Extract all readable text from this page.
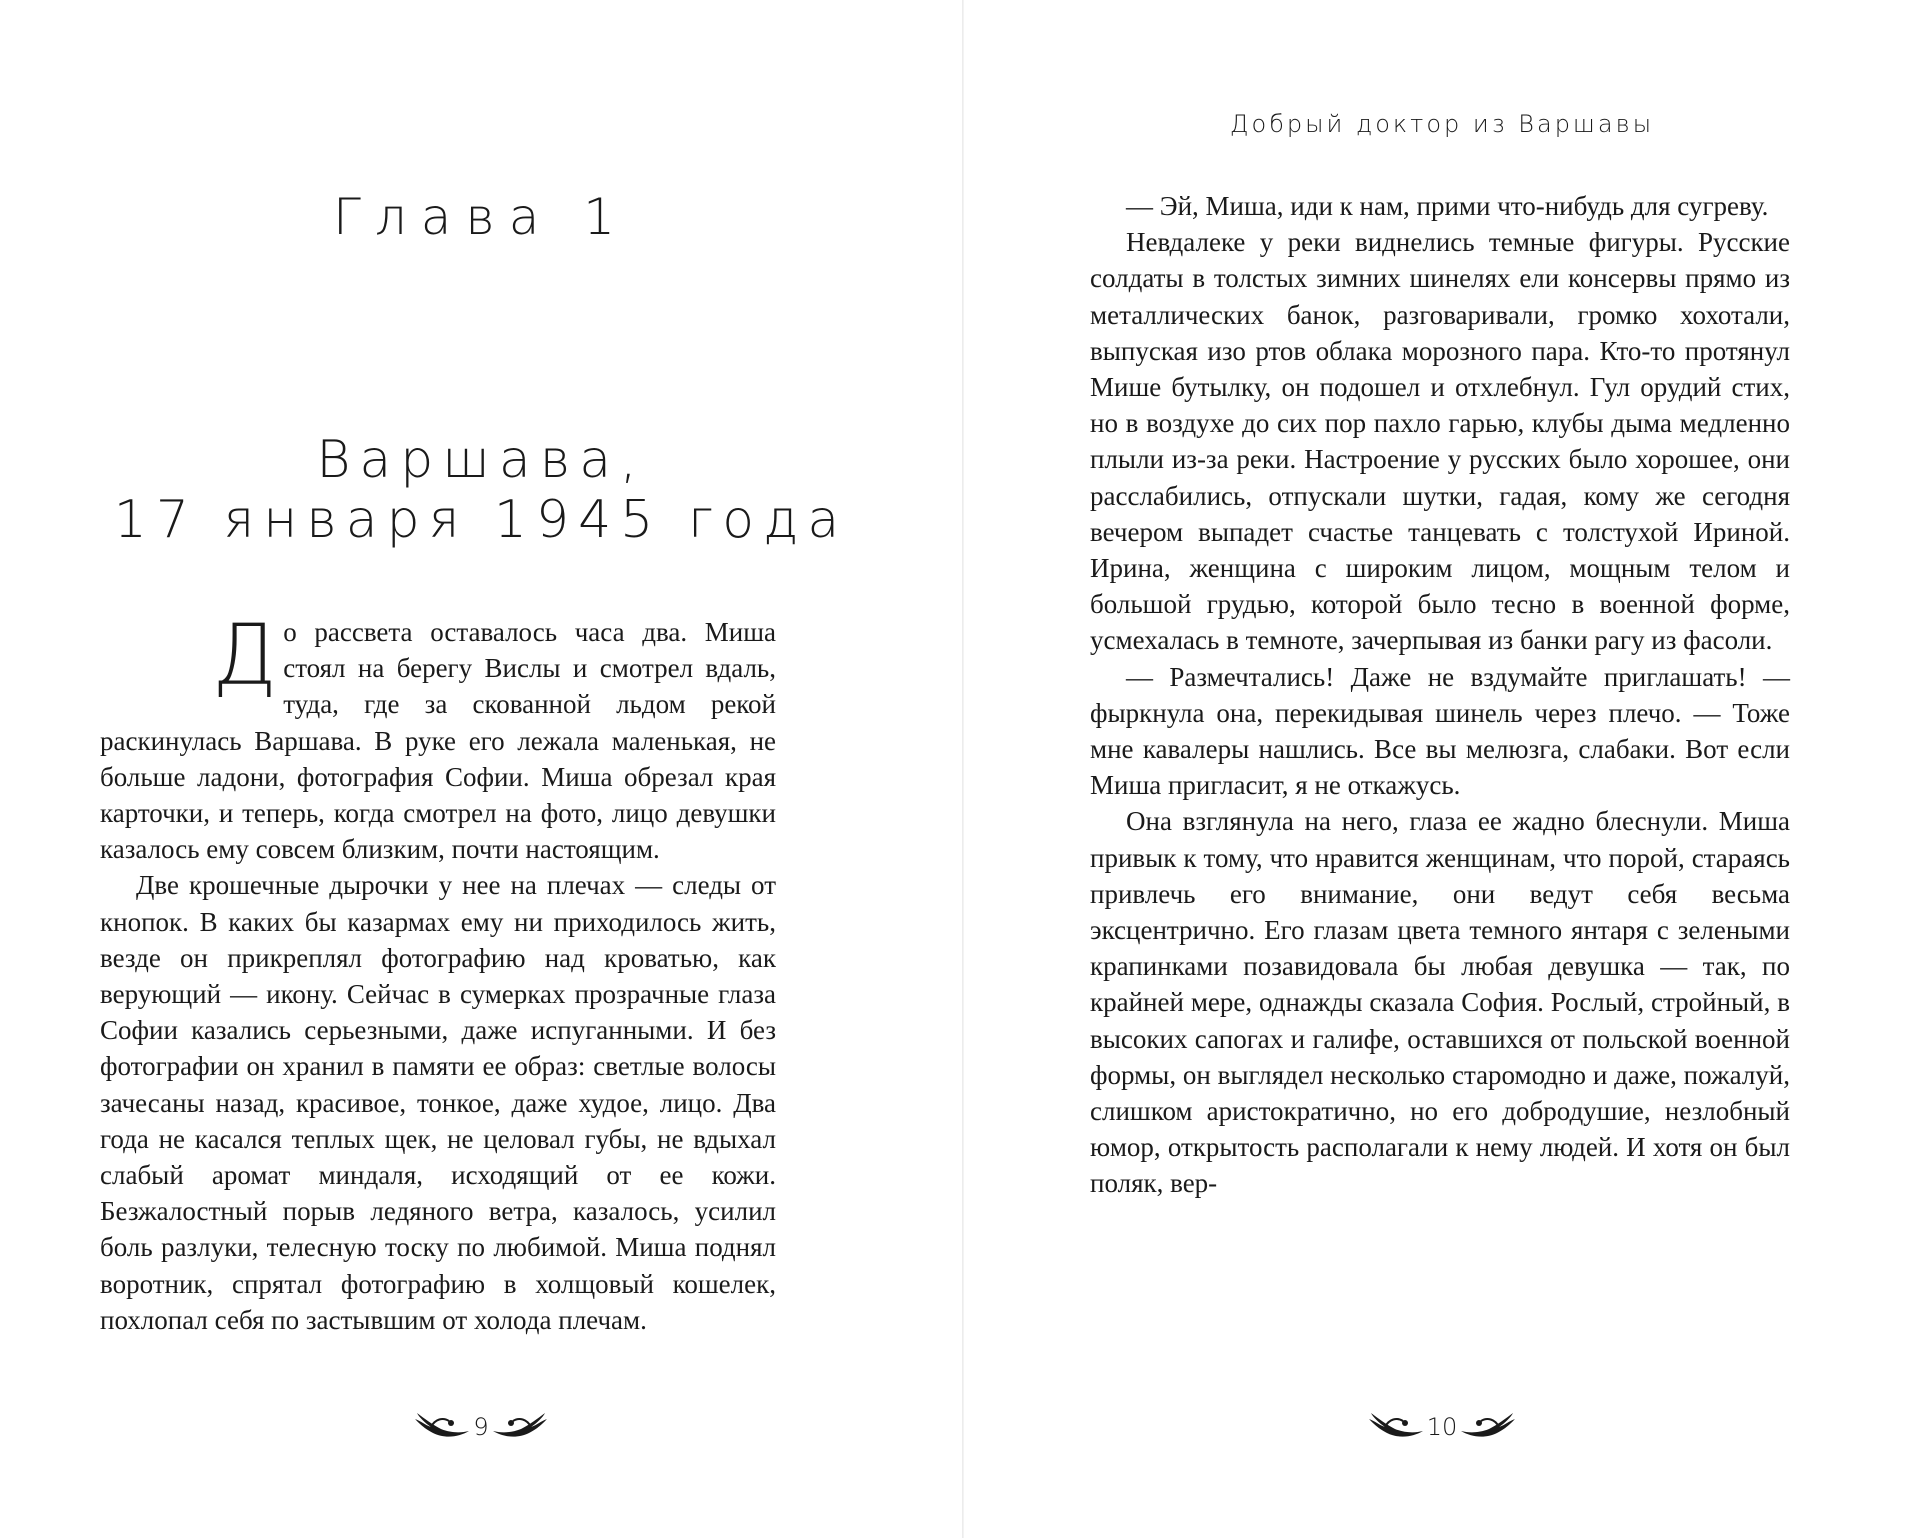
Глава 1
Варшава,
17 января 1945 года

До рассвета оставалось часа два. Миша стоял на берегу Вислы и смотрел вдаль, туда, где за скованной льдом рекой раскинулась Варшава. В руке его лежала маленькая, не больше ладони, фотография Софии. Миша обрезал края карточки, и теперь, когда смотрел на фото, лицо девушки казалось ему совсем близким, почти настоящим.

Две крошечные дырочки у нее на плечах — следы от кнопок. В каких бы казармах ему ни приходилось жить, везде он прикреплял фотографию над кроватью, как верующий — икону. Сейчас в сумерках прозрачные глаза Софии казались серьезными, даже испуганными. И без фотографии он хранил в памяти ее образ: светлые волосы зачесаны назад, красивое, тонкое, даже худое, лицо. Два года не касался теплых щек, не целовал губы, не вдыхал слабый аромат миндаля, исходящий от ее кожи. Безжалостный порыв ледяного ветра, казалось, усилил боль разлуки, телесную тоску по любимой. Миша поднял воротник, спрятал фотографию в холщовый кошелек, похлопал себя по застывшим от холода плечам.

9
Добрый доктор из Варшавы

— Эй, Миша, иди к нам, прими что-нибудь для сугреву.

Невдалеке у реки виднелись темные фигуры. Русские солдаты в толстых зимних шинелях ели консервы прямо из металлических банок, разговаривали, громко хохотали, выпуская изо ртов облака морозного пара. Кто-то протянул Мише бутылку, он подошел и отхлебнул. Гул орудий стих, но в воздухе до сих пор пахло гарью, клубы дыма медленно плыли из-за реки. Настроение у русских было хорошее, они расслабились, отпускали шутки, гадая, кому же сегодня вечером выпадет счастье танцевать с толстухой Ириной. Ирина, женщина с широким лицом, мощным телом и большой грудью, которой было тесно в военной форме, усмехалась в темноте, зачерпывая из банки рагу из фасоли.

— Размечтались! Даже не вздумайте приглашать! — фыркнула она, перекидывая шинель через плечо. — Тоже мне кавалеры нашлись. Все вы мелюзга, слабаки. Вот если Миша пригласит, я не откажусь.

Она взглянула на него, глаза ее жадно блеснули. Миша привык к тому, что нравится женщинам, что порой, стараясь привлечь его внимание, они ведут себя весьма эксцентрично. Его глазам цвета темного янтаря с зелеными крапинками позавидовала бы любая девушка — так, по крайней мере, однажды сказала София. Рослый, стройный, в высоких сапогах и галифе, оставшихся от польской военной формы, он выглядел несколько старомодно и даже, пожалуй, слишком аристократично, но его добродушие, незлобный юмор, открытость располагали к нему людей. И хотя он был поляк, вер-

10
